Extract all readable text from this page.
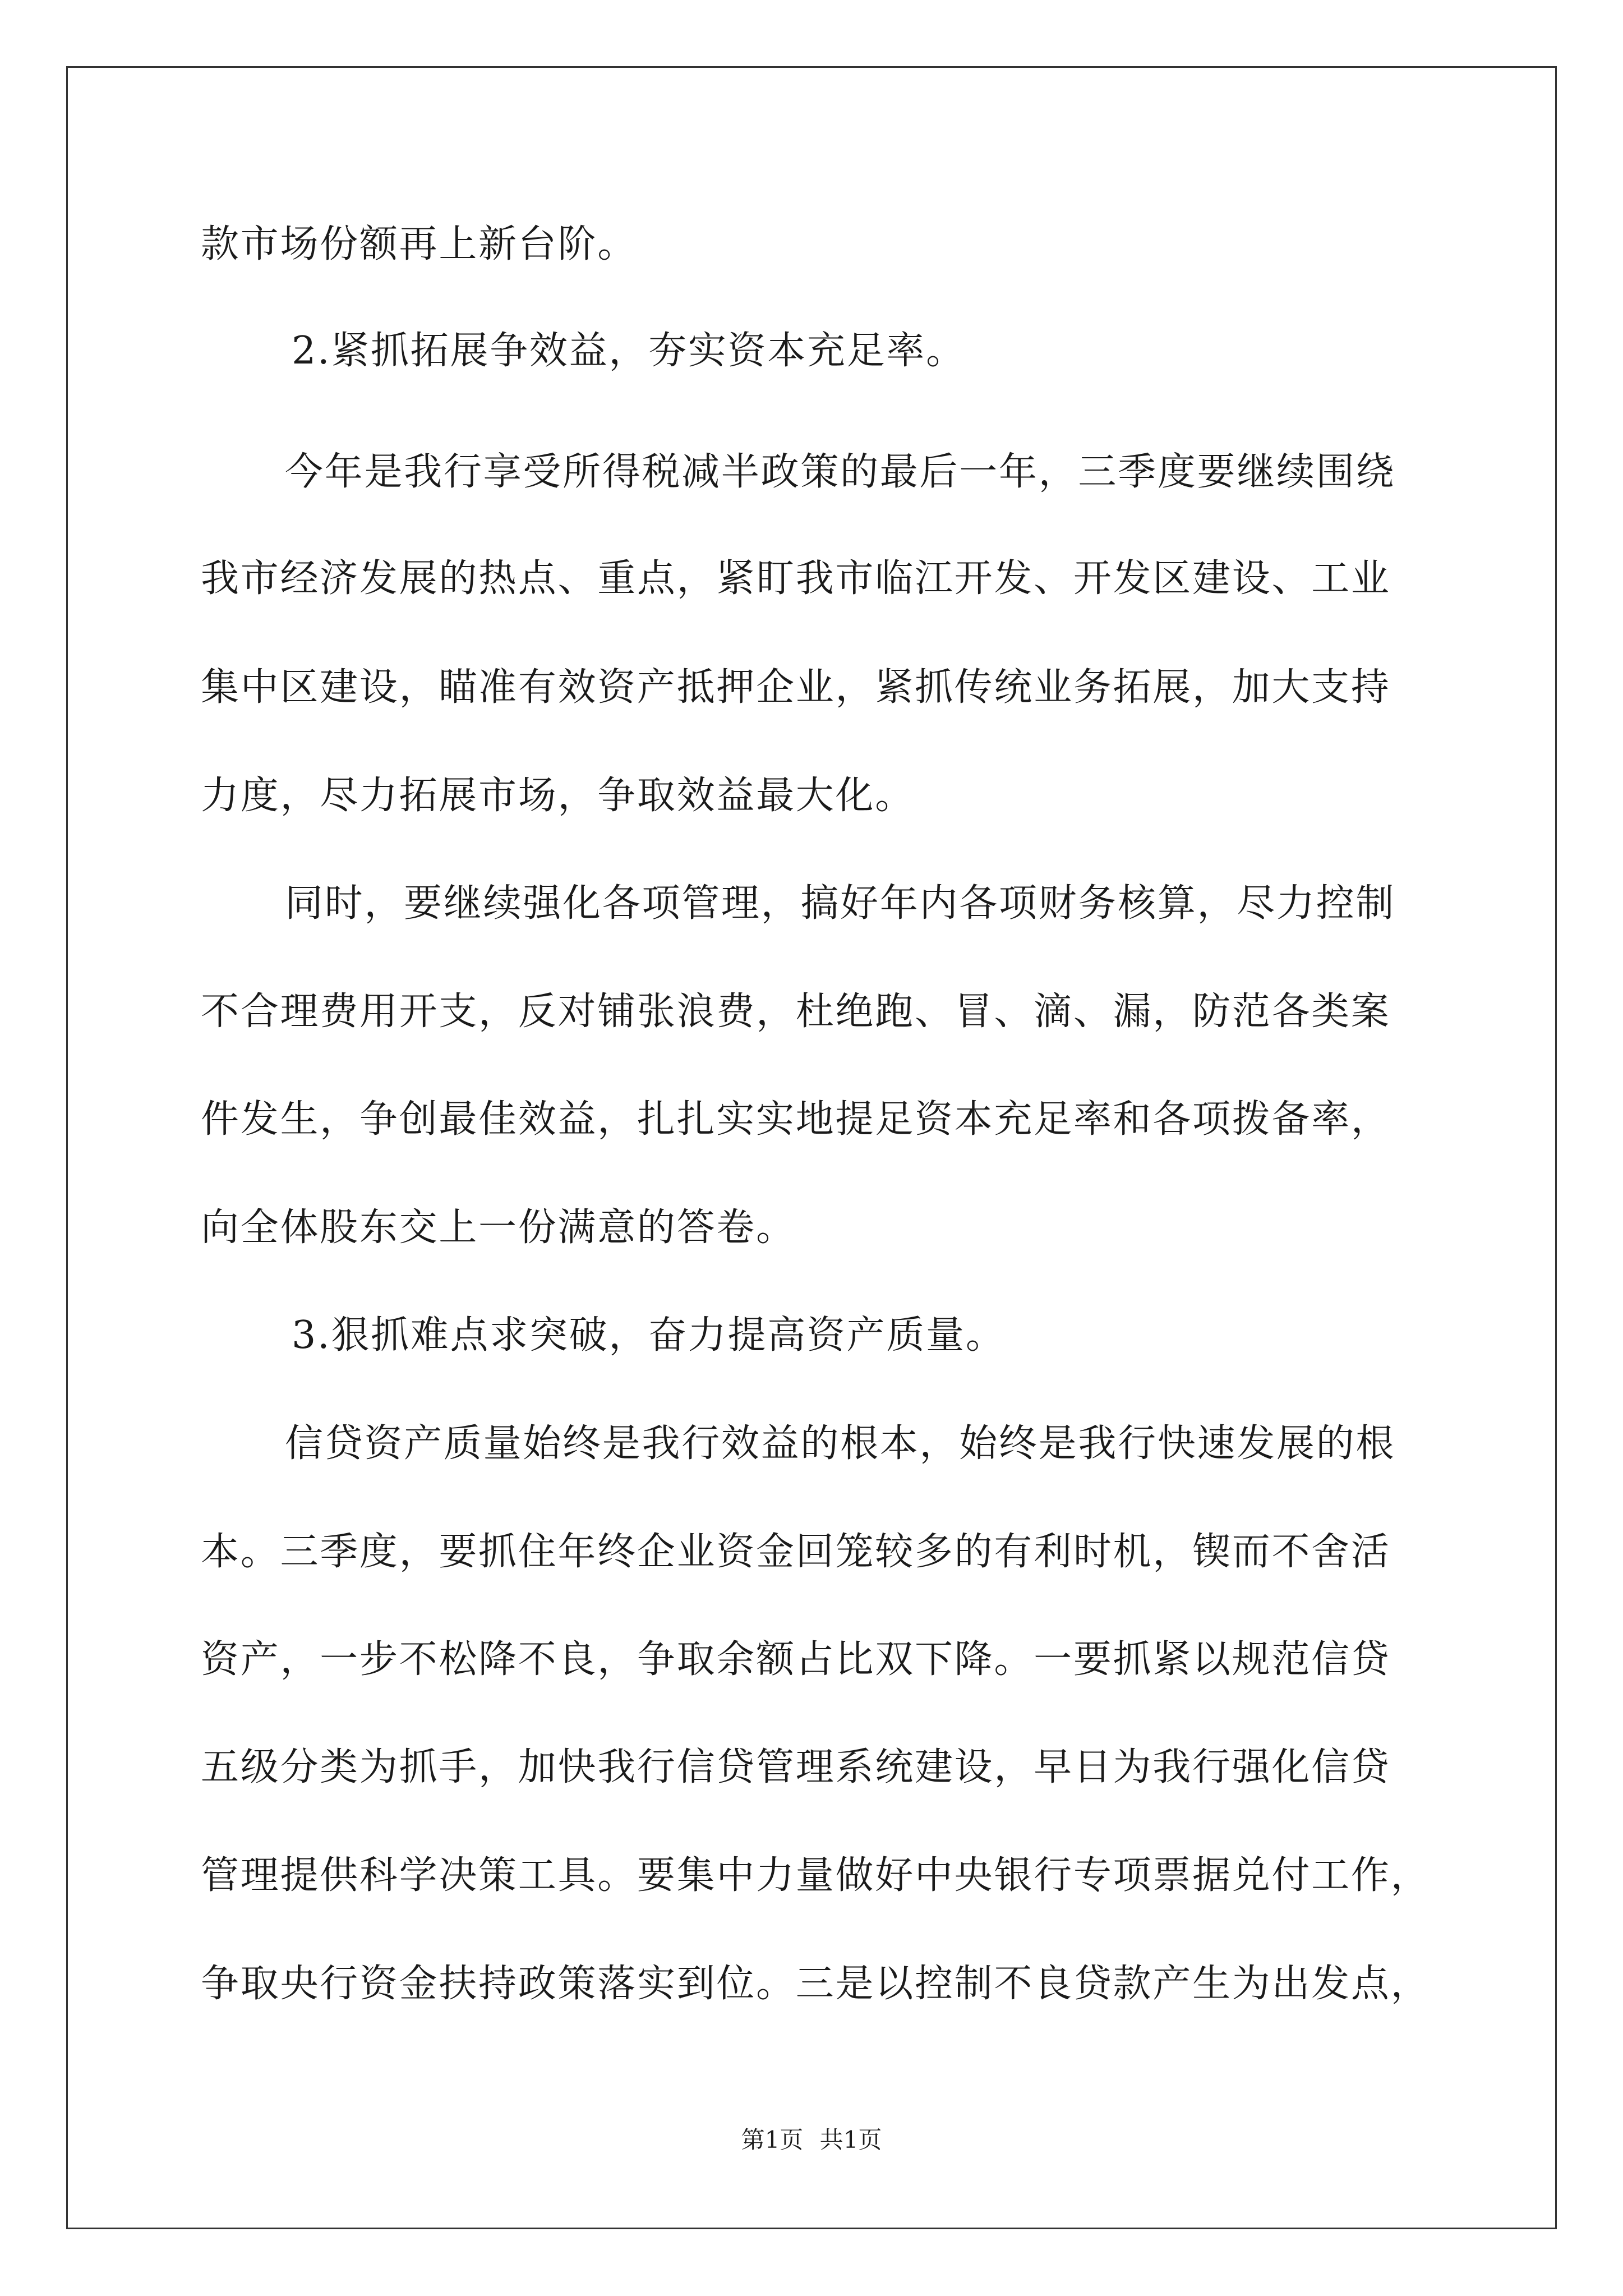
款市场份额再上新台阶。
2.紧抓拓展争效益，夯实资本充足率。
今年是我行享受所得税减半政策的最后一年，三季度要继续围绕
我市经济发展的热点、重点，紧盯我市临江开发、开发区建设、工业
集中区建设，瞄准有效资产抵押企业，紧抓传统业务拓展，加大支持
力度，尽力拓展市场，争取效益最大化。
同时，要继续强化各项管理，搞好年内各项财务核算，尽力控制
不合理费用开支，反对铺张浪费，杜绝跑、冒、滴、漏，防范各类案
件发生，争创最佳效益，扎扎实实地提足资本充足率和各项拨备率，
向全体股东交上一份满意的答卷。
3.狠抓难点求突破，奋力提高资产质量。
信贷资产质量始终是我行效益的根本，始终是我行快速发展的根
本。三季度，要抓住年终企业资金回笼较多的有利时机，锲而不舍活
资产，一步不松降不良，争取余额占比双下降。一要抓紧以规范信贷
五级分类为抓手，加快我行信贷管理系统建设，早日为我行强化信贷
管理提供科学决策工具。要集中力量做好中央银行专项票据兑付工作，
争取央行资金扶持政策落实到位。三是以控制不良贷款产生为出发点，
第1页 共1页
